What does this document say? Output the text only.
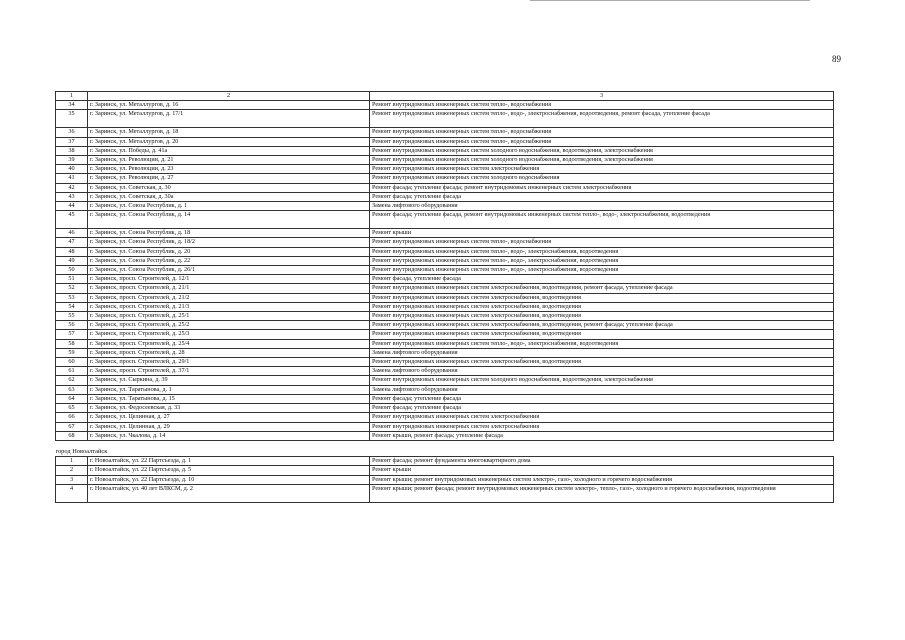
89
1	2	3
34	г. Заринск, ул. Металлургов, д. 16	Ремонт внутридомовых инженерных систем тепло-, водоснабжения
35	г. Заринск, ул. Металлургов, д. 17/1	Ремонт внутридомовых инженерных систем тепло-, водо-, электроснабжения, водоотведения, ремонт фасада, утепление фасада
36	г. Заринск, ул. Металлургов, д. 18	Ремонт внутридомовых инженерных систем тепло-, водоснабжения
37	г. Заринск, ул. Металлургов, д. 20	Ремонт внутридомовых инженерных систем тепло-, водоснабжения
38	г. Заринск, ул. Победы, д. 41а	Ремонт внутридомовых инженерных систем холодного водоснабжения, водоотведения, электроснабжения
39	г. Заринск, ул. Революции, д. 21	Ремонт внутридомовых инженерных систем холодного водоснабжения, водоотведения, электроснабжения
40	г. Заринск, ул. Революции, д. 23	Ремонт внутридомовых инженерных систем электроснабжения
41	г. Заринск, ул. Революции, д. 27	Ремонт внутридомовых инженерных систем холодного водоснабжения
42	г. Заринск, ул. Советская, д. 30	Ремонт фасада; утепление фасада; ремонт внутридомовых инженерных систем электроснабжения
43	г. Заринск, ул. Советская, д. 30а	Ремонт фасада; утепление фасада
44	г. Заринск, ул. Союза Республик, д. 1	Замена лифтового оборудования
45	г. Заринск, ул. Союза Республик, д. 14	Ремонт фасада; утепление фасада, ремонт внутридомовых инженерных систем тепло-, водо-, электроснабжения, водоотведения
46	г. Заринск, ул. Союза Республик, д. 18	Ремонт крыши
47	г. Заринск, ул. Союза Республик, д. 18/2	Ремонт внутридомовых инженерных систем тепло-, водоснабжения
48	г. Заринск, ул. Союза Республик, д. 20	Ремонт внутридомовых инженерных систем тепло-, водо-, электроснабжения, водоотведения
49	г. Заринск, ул. Союза Республик, д. 22	Ремонт внутридомовых инженерных систем тепло-, водо-, электроснабжения, водоотведения
50	г. Заринск, ул. Союза Республик, д. 26/1	Ремонт внутридомовых инженерных систем тепло-, водо-, электроснабжения, водоотведения
51	г. Заринск, просп. Строителей, д. 12/1	Ремонт фасада, утепление фасада
52	г. Заринск, просп. Строителей, д. 21/1	Ремонт внутридомовых инженерных систем электроснабжения, водоотведения, ремонт фасада, утепление фасада
53	г. Заринск, просп. Строителей, д. 21/2	Ремонт внутридомовых инженерных систем электроснабжения, водоотведения
54	г. Заринск, просп. Строителей, д. 21/3	Ремонт внутридомовых инженерных систем электроснабжения, водоотведения
55	г. Заринск, просп. Строителей, д. 25/1	Ремонт внутридомовых инженерных систем электроснабжения, водоотведения
56	г. Заринск, просп. Строителей, д. 25/2	Ремонт внутридомовых инженерных систем электроснабжения, водоотведения, ремонт фасада; утепление фасада
57	г. Заринск, просп. Строителей, д. 25/3	Ремонт внутридомовых инженерных систем электроснабжения, водоотведения
58	г. Заринск, просп. Строителей, д. 25/4	Ремонт внутридомовых инженерных систем тепло-, водо-, электроснабжения, водоотведения
59	г. Заринск, просп. Строителей, д. 28	Замена лифтового оборудования
60	г. Заринск, просп. Строителей, д. 29/1	Ремонт внутридомовых инженерных систем электроснабжения, водоотведения
61	г. Заринск, просп. Строителей, д. 37/1	Замена лифтового оборудования
62	г. Заринск, ул. Сыркина, д. 39	Ремонт внутридомовых инженерных систем холодного водоснабжения, водоотведения, электроснабжения
63	г. Заринск, ул. Таратынова, д. 1	Замена лифтового оборудования
64	г. Заринск, ул. Таратынова, д. 15	Ремонт фасада; утепление фасада
65	г. Заринск, ул. Федосеевская, д. 33	Ремонт фасада; утепление фасада
66	г. Заринск, ул. Целинная, д. 27	Ремонт внутридомовых инженерных систем электроснабжения
67	г. Заринск, ул. Целинная, д. 29	Ремонт внутридомовых инженерных систем электроснабжения
68	г. Заринск, ул. Чкалова, д. 14	Ремонт крыши, ремонт фасада; утепление фасада
город Новоалтайск		
1	г. Новоалтайск, ул. 22 Партсъезда, д. 1	Ремонт фасада; ремонт фундамента многоквартирного дома
2	г. Новоалтайск, ул. 22 Партсъезда, д. 5	Ремонт крыши
3	г. Новоалтайск, ул. 22 Партсъезда, д. 10	Ремонт крыши; ремонт внутридомовых инженерных систем электро-, газо-, холодного и горячего водоснабжения
4	г. Новоалтайск, ул. 40 лет ВЛКСМ, д. 2	Ремонт крыши; ремонт фасада; ремонт внутридомовых инженерных систем электро-, тепло-, газо-, холодного и горячего водоснабжения, водоотведения
